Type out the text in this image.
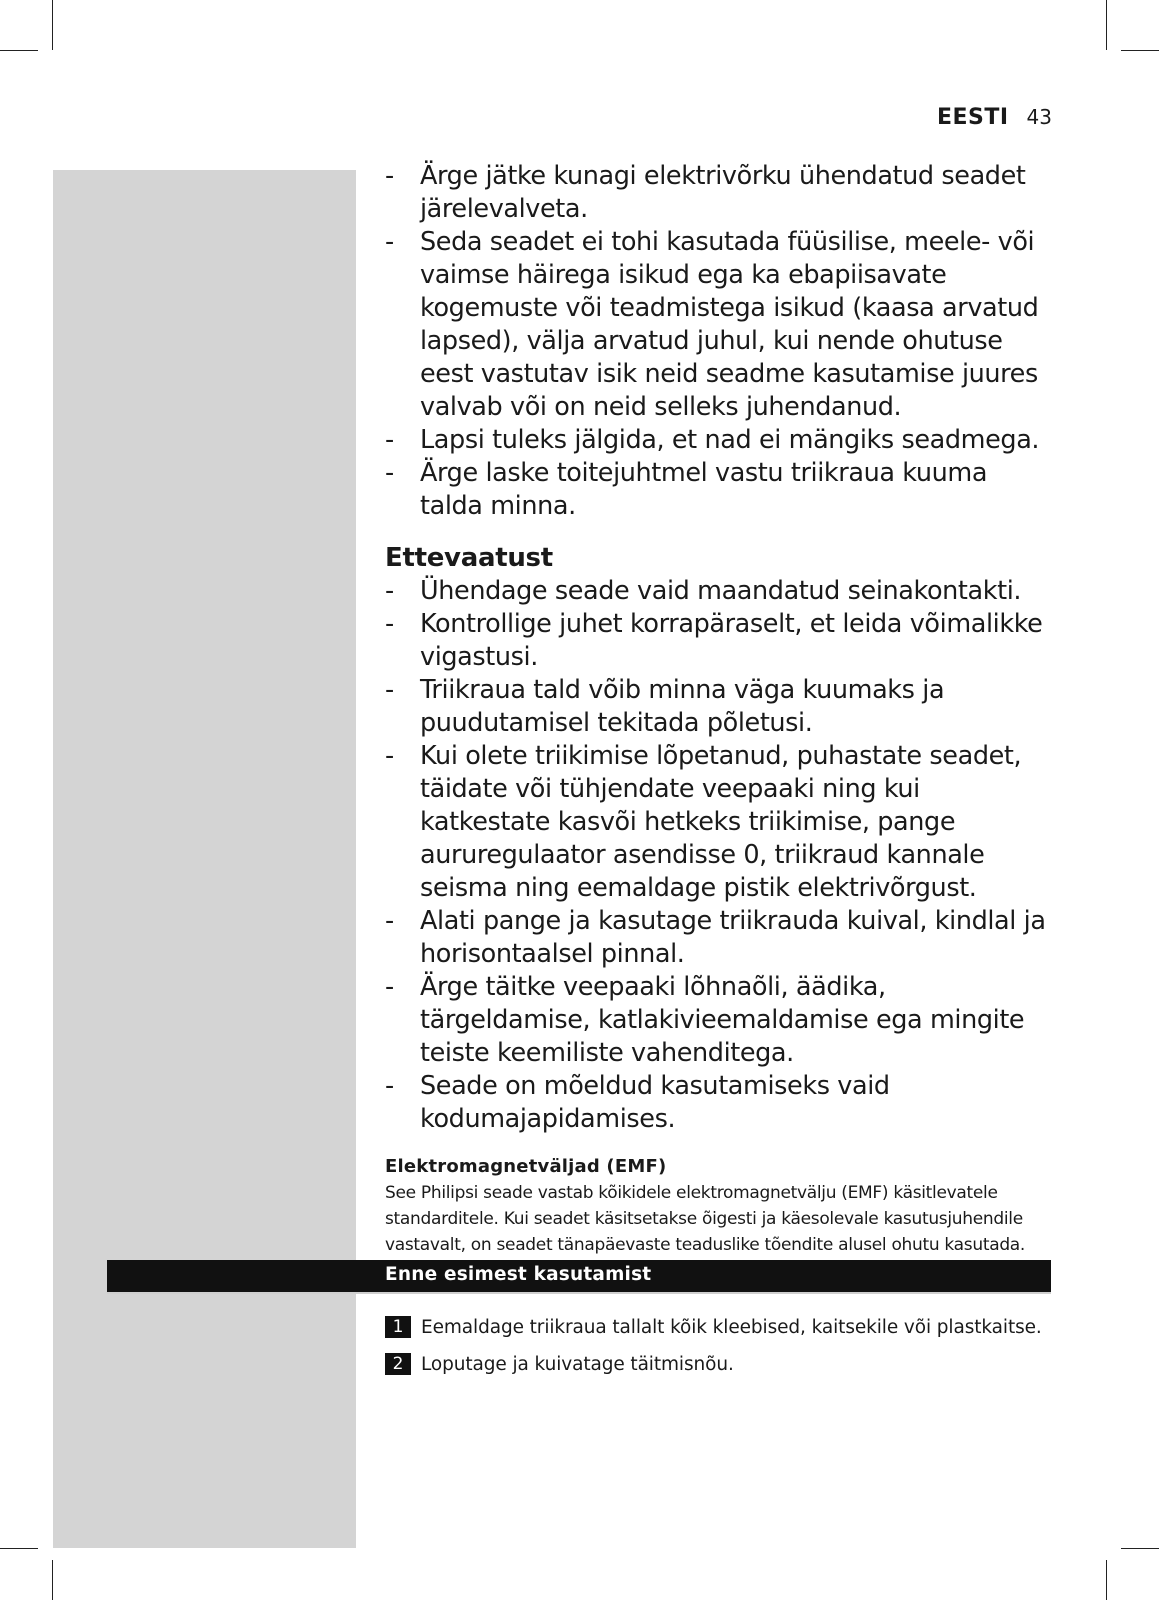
EESTI 43
- Ärge jätke kunagi elektrivõrku ühendatud seadet järelevalveta.
- Seda seadet ei tohi kasutada füüsilise, meele- või vaimse häirega isikud ega ka ebapiisavate kogemuste või teadmistega isikud (kaasa arvatud lapsed), välja arvatud juhul, kui nende ohutuse eest vastutav isik neid seadme kasutamise juures valvab või on neid selleks juhendanud.
- Lapsi tuleks jälgida, et nad ei mängiks seadmega.
- Ärge laske toitejuhtmel vastu triikraua kuuma talda minna.
Ettevaatust
- Ühendage seade vaid maandatud seinakontakti.
- Kontrollige juhet korrapäraselt, et leida võimalikke vigastusi.
- Triikraua tald võib minna väga kuumaks ja puudutamisel tekitada põletusi.
- Kui olete triikimise lõpetanud, puhastate seadet, täidate või tühjendate veepaaki ning kui katkestate kasvõi hetkeks triikimise, pange aururegulaator asendisse 0, triikraud kannale seisma ning eemaldage pistik elektrivõrgust.
- Alati pange ja kasutage triikrauda kuival, kindlal ja horisontaalsel pinnal.
- Ärge täitke veepaaki lõhnaõli, äädika, tärgeldamise, katlakivieemaldamise ega mingite teiste keemiliste vahenditega.
- Seade on mõeldud kasutamiseks vaid kodumajapidamises.
Elektromagnetväljad (EMF)

See Philipsi seade vastab kõikidele elektromagnetvälju (EMF) käsitlevatele standarditele. Kui seadet käsitsetakse õigesti ja käesolevale kasutusjuhendile vastavalt, on seadet tänapäevaste teaduslike tõendite alusel ohutu kasutada.

Enne esimest kasutamist
1 Eemaldage triikraua tallalt kõik kleebised, kaitsekile või plastkaitse.
2 Loputage ja kuivatage täitmisnõu.
